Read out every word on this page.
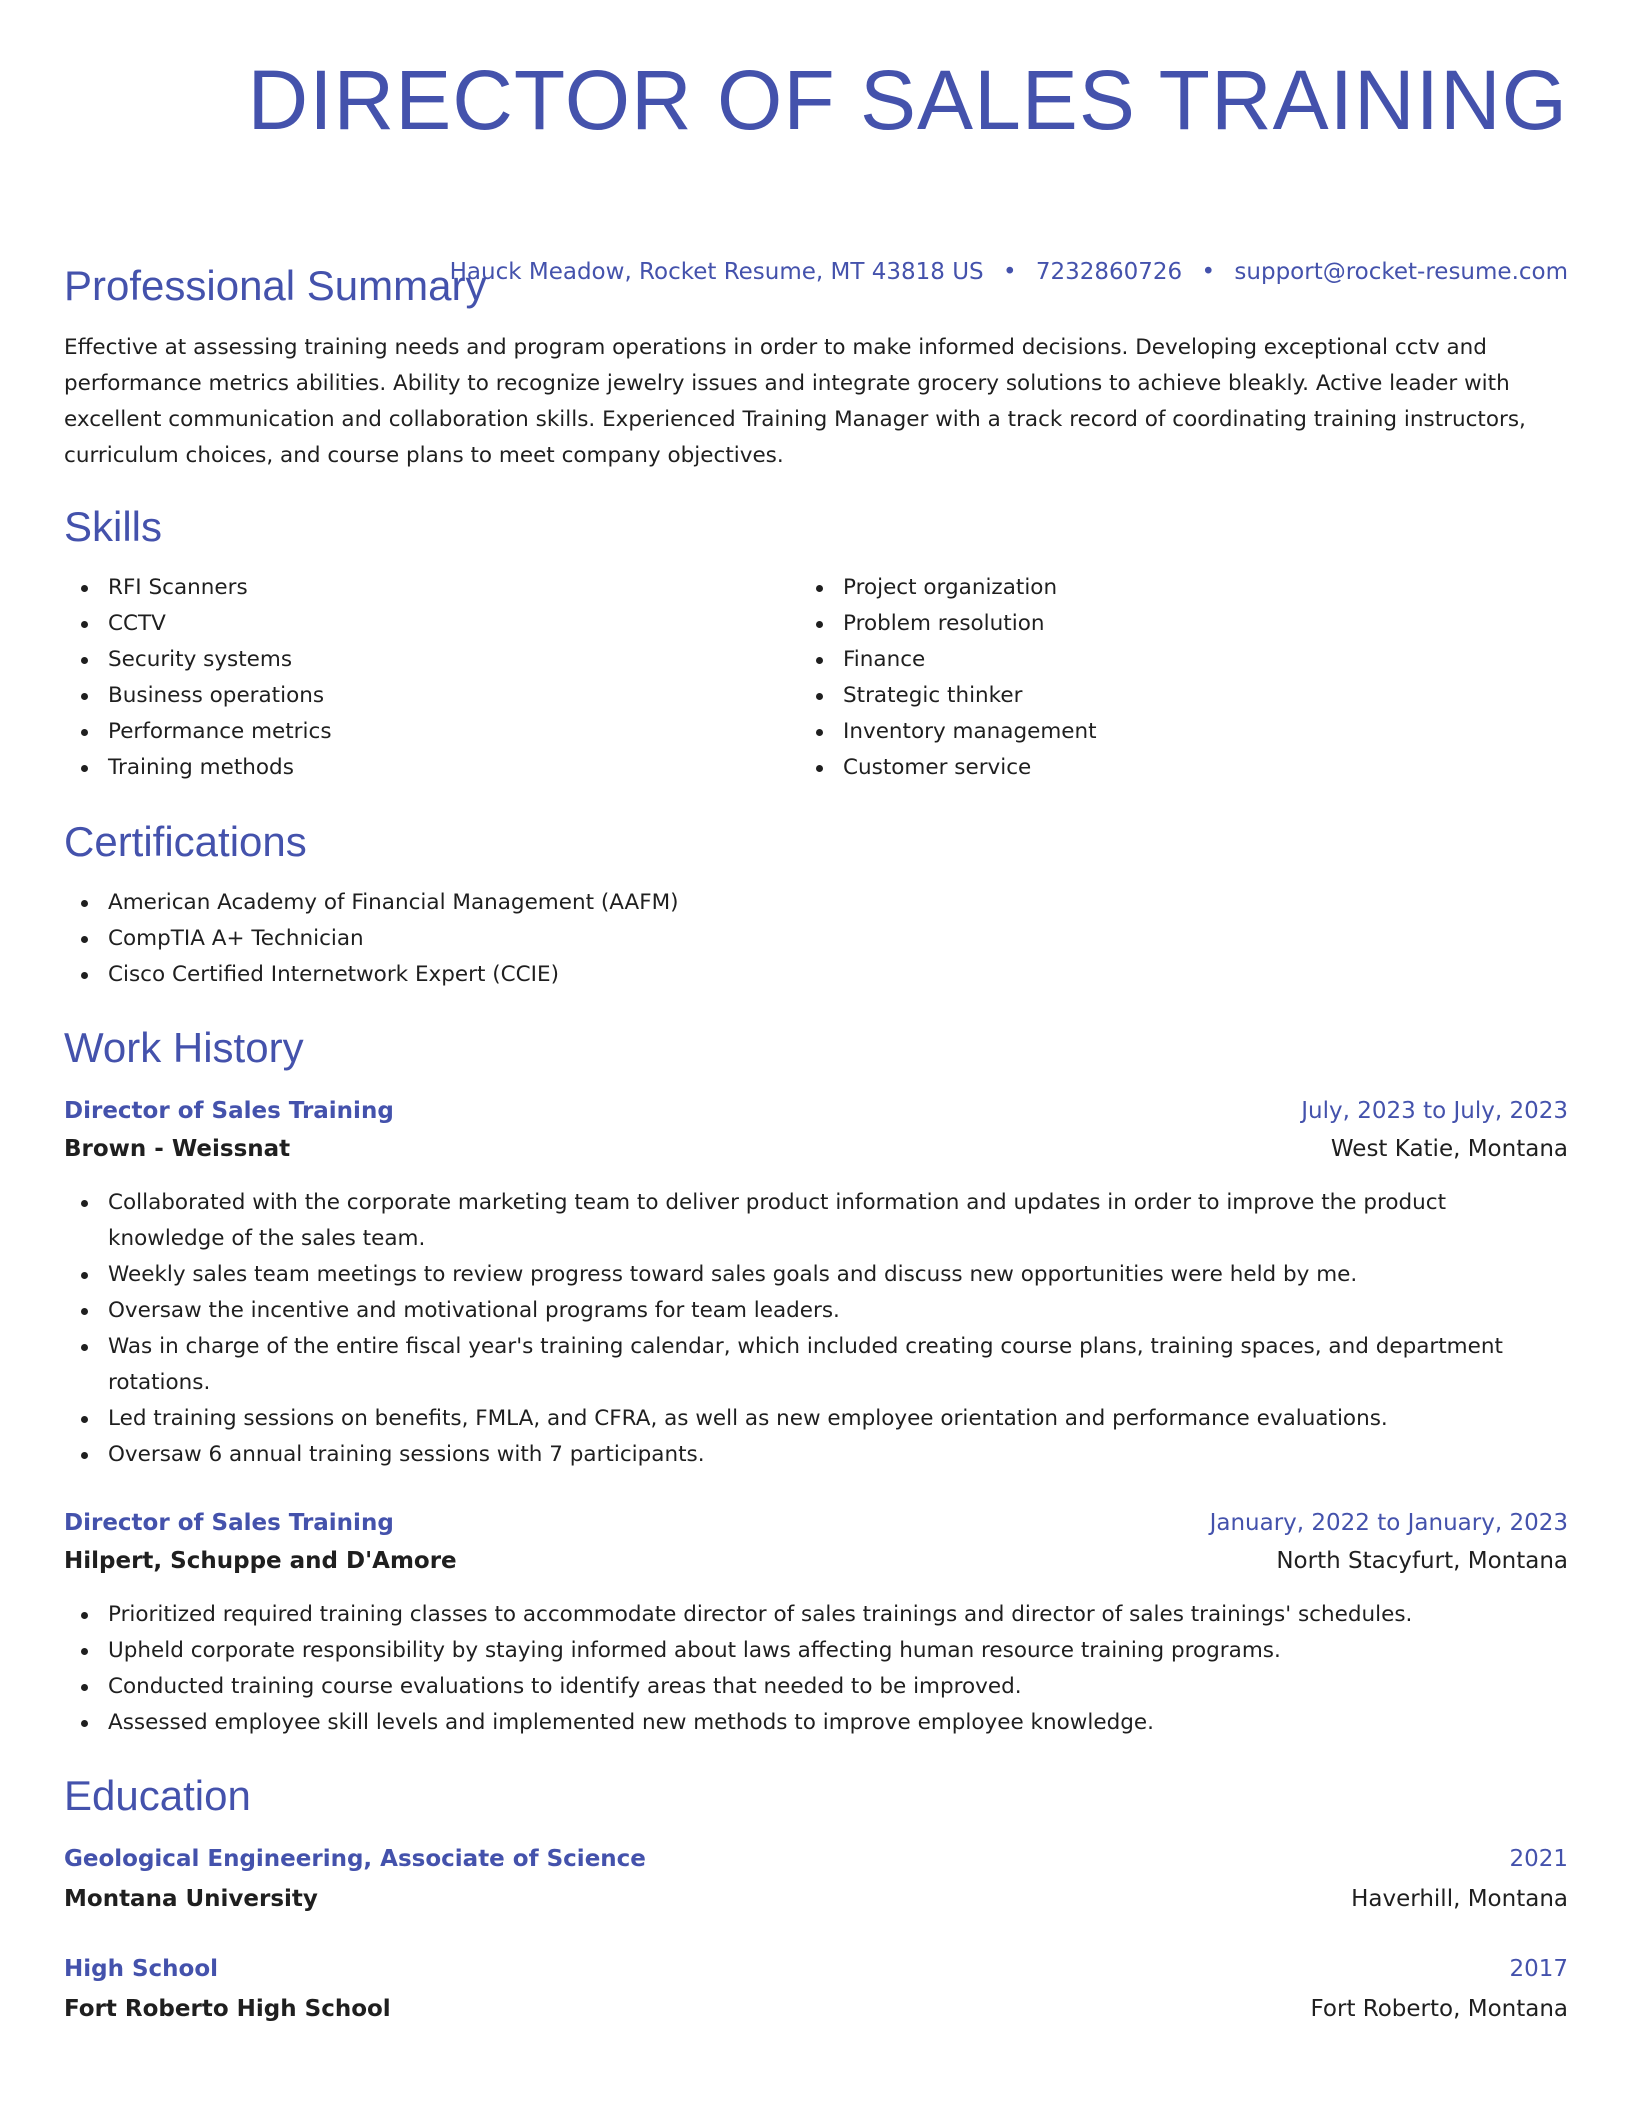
DIRECTOR OF SALES TRAINING
Hauck Meadow, Rocket Resume, MT 43818 US • 7232860726 • support@rocket-resume.com
Professional Summary

Effective at assessing training needs and program operations in order to make informed decisions. Developing exceptional cctv and performance metrics abilities. Ability to recognize jewelry issues and integrate grocery solutions to achieve bleakly. Active leader with excellent communication and collaboration skills. Experienced Training Manager with a track record of coordinating training instructors, curriculum choices, and course plans to meet company objectives.

Skills
RFI Scanners
CCTV
Security systems
Business operations
Performance metrics
Training methods
Project organization
Problem resolution
Finance
Strategic thinker
Inventory management
Customer service
Certifications
American Academy of Financial Management (AAFM)
CompTIA A+ Technician
Cisco Certified Internetwork Expert (CCIE)
Work History
Director of Sales Training	July, 2023 to July, 2023
Brown - Weissnat	West Katie, Montana
Collaborated with the corporate marketing team to deliver product information and updates in order to improve the product knowledge of the sales team.
Weekly sales team meetings to review progress toward sales goals and discuss new opportunities were held by me.
Oversaw the incentive and motivational programs for team leaders.
Was in charge of the entire fiscal year's training calendar, which included creating course plans, training spaces, and department rotations.
Led training sessions on benefits, FMLA, and CFRA, as well as new employee orientation and performance evaluations.
Oversaw 6 annual training sessions with 7 participants.
Director of Sales Training	January, 2022 to January, 2023
Hilpert, Schuppe and D'Amore	North Stacyfurt, Montana
Prioritized required training classes to accommodate director of sales trainings and director of sales trainings' schedules.
Upheld corporate responsibility by staying informed about laws affecting human resource training programs.
Conducted training course evaluations to identify areas that needed to be improved.
Assessed employee skill levels and implemented new methods to improve employee knowledge.
Education
Geological Engineering, Associate of Science	2021
Montana University	Haverhill, Montana
High School	2017
Fort Roberto High School	Fort Roberto, Montana
